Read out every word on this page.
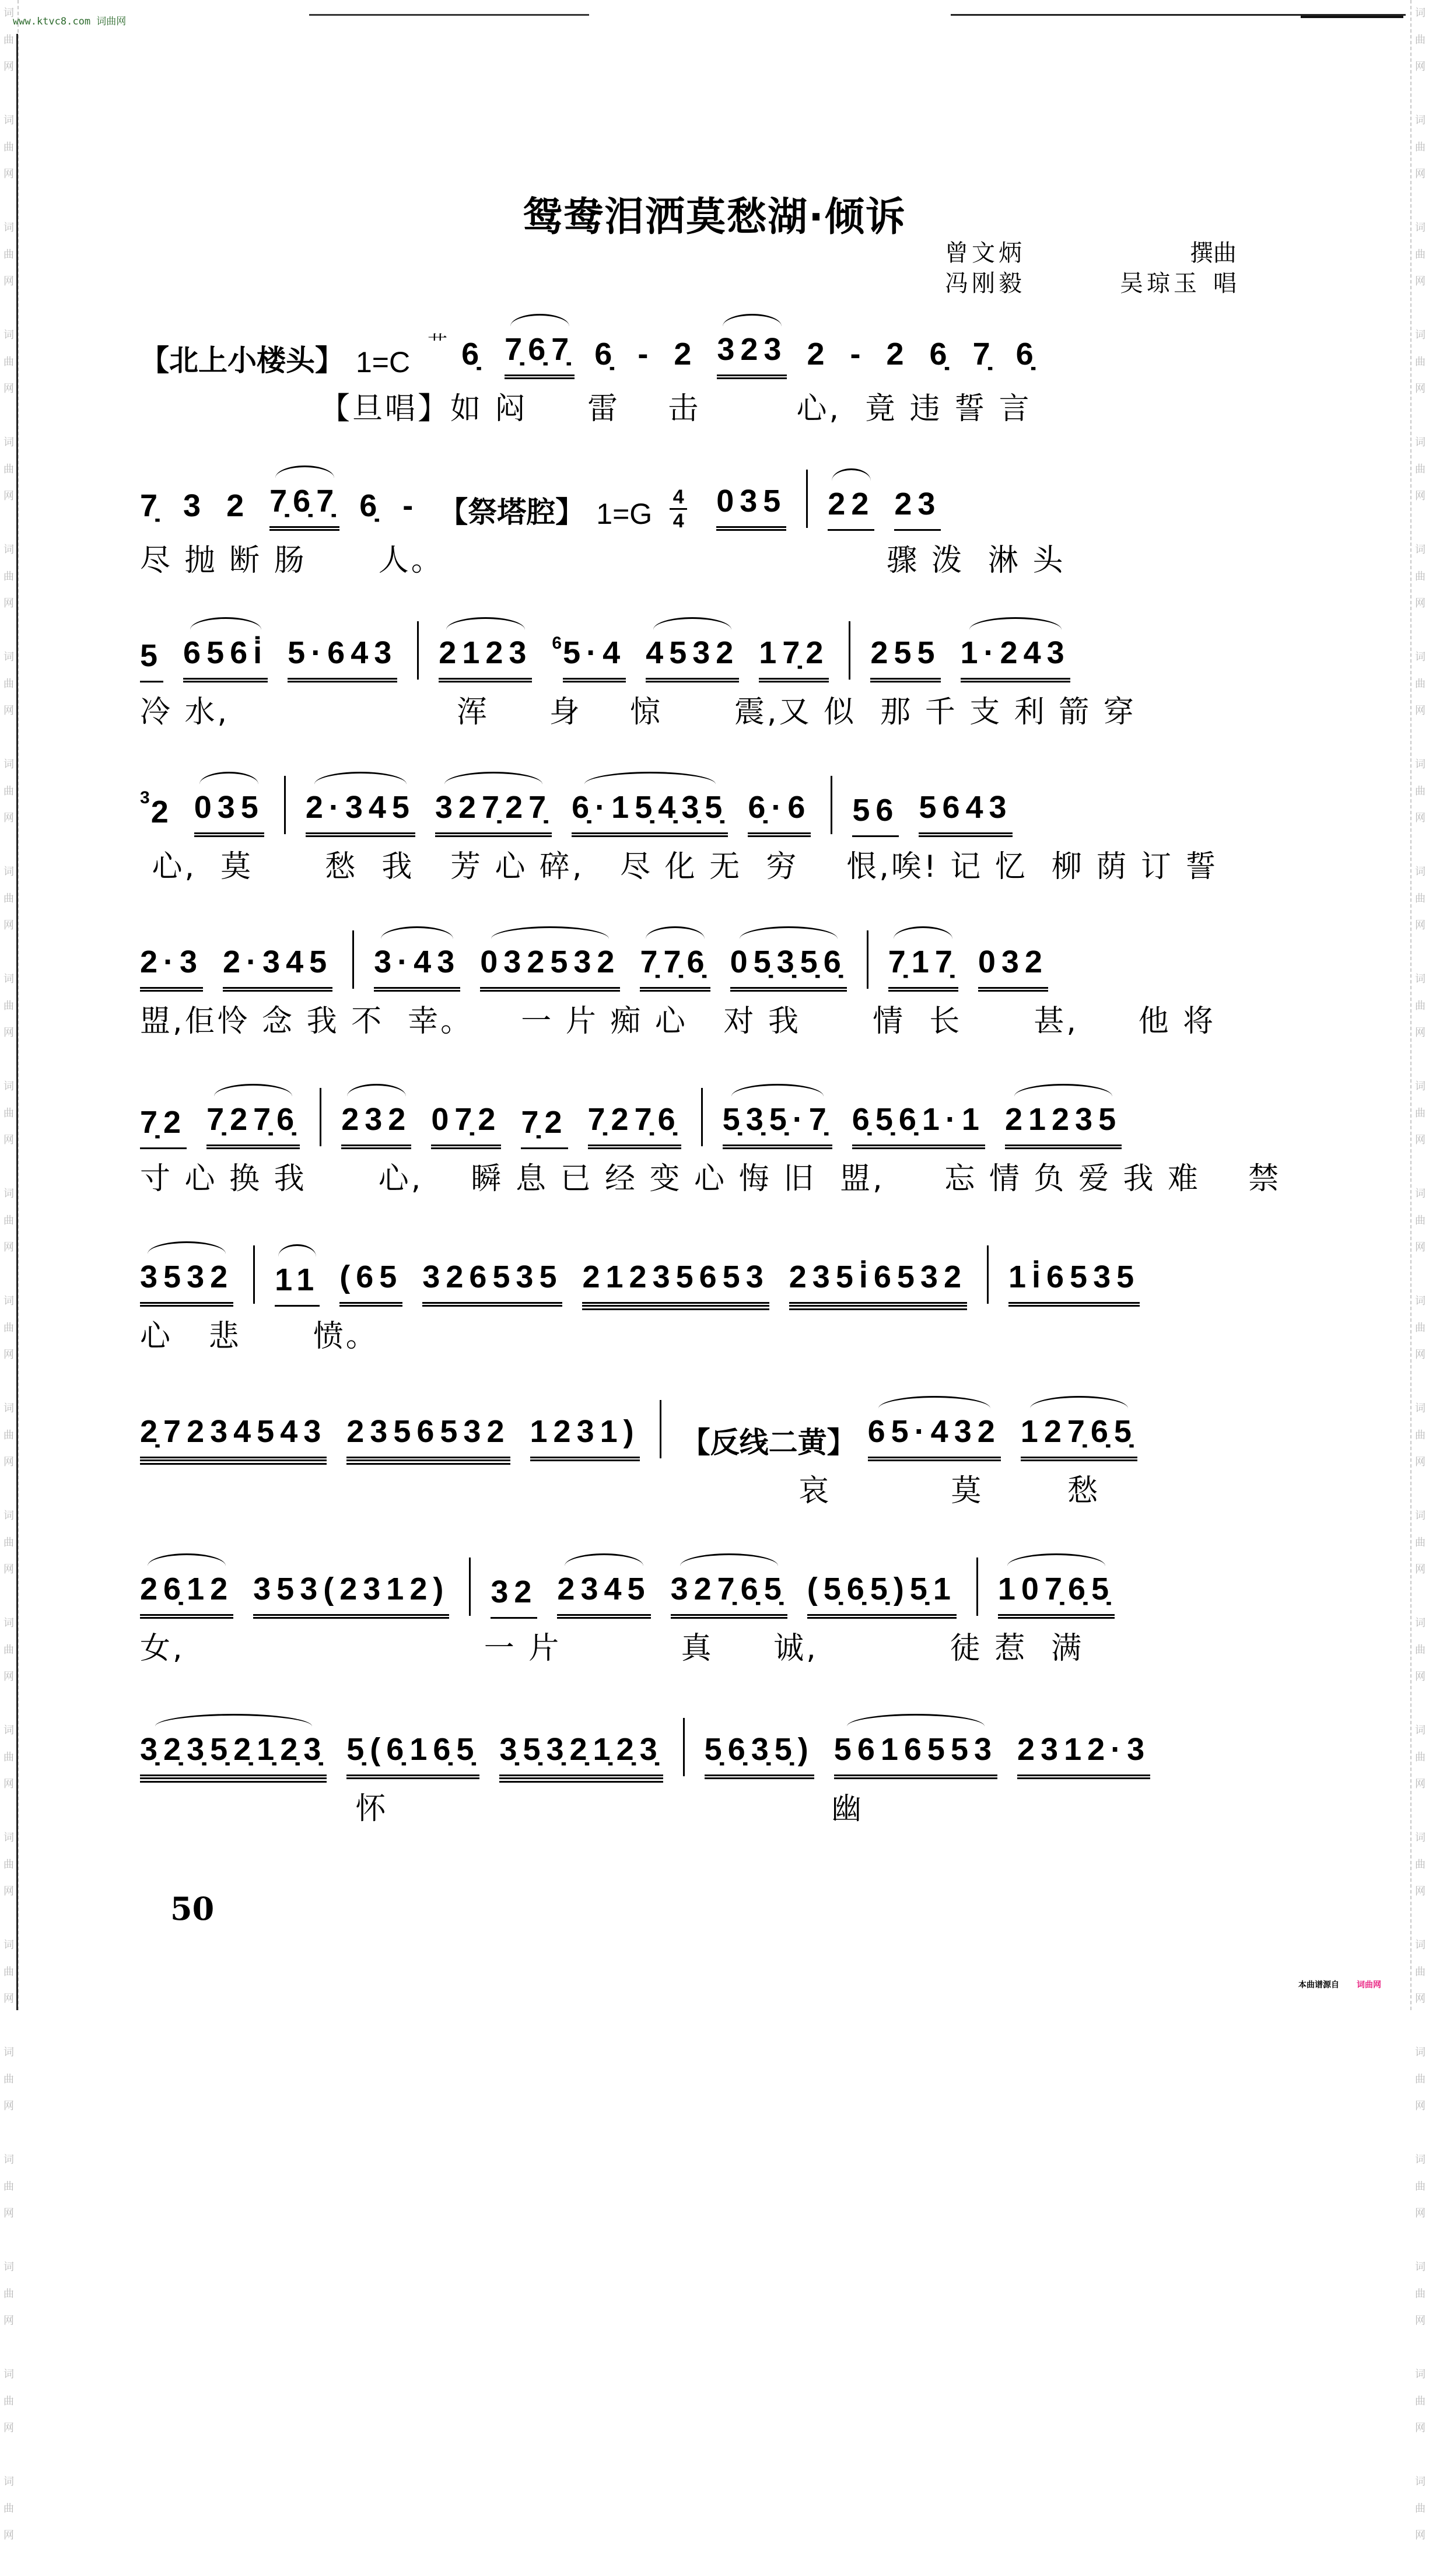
词
曲
网

词
曲
网

词
曲
网

词
曲
网

词
曲
网

词
曲
网

词
曲
网

词
曲
网

词
曲
网

词
曲
网

词
曲
网

词
曲
网

词
曲
网

词
曲
网

词
曲
网

词
曲
网

词
曲
网

词
曲
网

词
曲
网

词
曲
网

词
曲
网

词
曲
网

词
曲
网

词
曲
网

词
曲
网

词
曲
网

词
曲
网

词
曲
网

词
曲
网

词
曲
网

词
曲
网

词
曲
网

词
曲
网

词
曲
网

词
曲
网

词
曲
网

词
曲
网

词
曲
网

词
曲
网

词
曲
网

词
曲
网

词
曲
网

词
曲
网

词
曲
网

词
曲
网

词
曲
网

词
曲
网

词
曲
网

www.ktvc8.com 词曲网
鸳鸯泪洒莫愁湖·倾诉
曾文炳	撰曲
冯刚毅	吴琼玉 唱
【北上小楼头】 1=C
艹 6̣ 7̣6̣7̣ 6̣ - 2 323 2 - 2 6̣ 7̣ 6̣
【旦唱】如 闷     雷    击        心,  竟 违 誓 言
7̣ 3 2 7̣6̣7̣ 6̣ - 【祭塔腔】 1=G
4
4
035 22 23
尽 抛 断 肠      人。                                     骤 泼  淋 头
5 656i̇ 5·643 2123 6 5·4 4532 17̣2 255 1·243
冷 水,                   浑     身    惊      震,又 似  那 千 支 利 箭 穿
3 2 035 2·345 327̣27̣ 6̣·15̣4̣3̣5̣ 6̣·6 56 5643
心,  莫      愁  我   芳 心 碎,   尽 化 无  穷    恨,唉! 记 忆  柳 荫 订 誓
2·3 2·345 3·43 032532 7̣7̣6̣ 05̣3̣5̣6̣ 7̣17̣ 032
盟,佢怜 念 我 不  幸。    一 片 痴 心   对 我      情  长      甚,     他 将
7̣2 7̣27̣6̣ 232 07̣2 7̣2 7̣27̣6̣ 5̣3̣5̣·7̣ 6̣5̣6̣1·1 21235
寸 心 换 我      心,    瞬 息 已 经 变 心 悔 旧  盟,     忘 情 负 爱 我 难    禁
3532 11 (65 326535 21235653 235i̇6532 1i̇6535
心   悲      愤。
2̣7234543 2356532 1231) 【反线二黄】 65·432 127̣6̣5̣
哀          莫       愁
26̣12 353(2312) 32 2345 327̣6̣5̣ (5̣6̣5̣)5̣1 107̣6̣5̣
女,                         一 片          真     诚,           徒 惹  满
3̣2̣3̣5̣2̣1̣2̣3̣ 5̣(6̣16̣5̣ 3̣5̣3̣2̣1̣2̣3̣ 5̣6̣3̣5̣) 5616553 2312·3
怀                                     幽
50
本曲谱源自 词曲网
